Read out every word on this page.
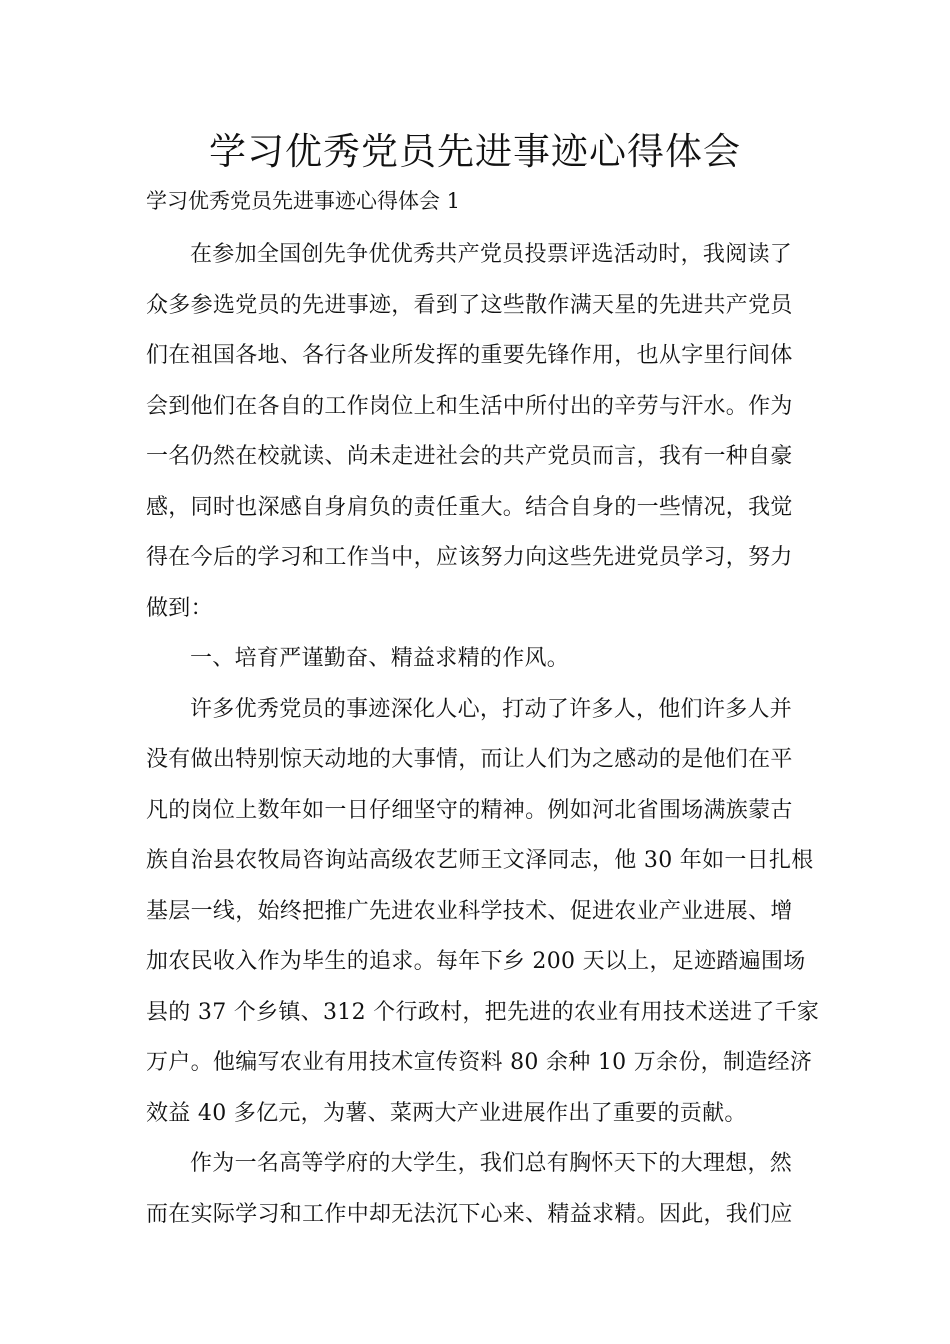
学习优秀党员先进事迹心得体会

学习优秀党员先进事迹心得体会 1

在参加全国创先争优优秀共产党员投票评选活动时，我阅读了
众多参选党员的先进事迹，看到了这些散作满天星的先进共产党员
们在祖国各地、各行各业所发挥的重要先锋作用，也从字里行间体
会到他们在各自的工作岗位上和生活中所付出的辛劳与汗水。作为
一名仍然在校就读、尚未走进社会的共产党员而言，我有一种自豪
感，同时也深感自身肩负的责任重大。结合自身的一些情况，我觉
得在今后的学习和工作当中，应该努力向这些先进党员学习，努力
做到：
一、培育严谨勤奋、精益求精的作风。
许多优秀党员的事迹深化人心，打动了许多人，他们许多人并
没有做出特别惊天动地的大事情，而让人们为之感动的是他们在平
凡的岗位上数年如一日仔细坚守的精神。例如河北省围场满族蒙古
族自治县农牧局咨询站高级农艺师王文泽同志，他 30 年如一日扎根
基层一线，始终把推广先进农业科学技术、促进农业产业进展、增
加农民收入作为毕生的追求。每年下乡 200 天以上，足迹踏遍围场
县的 37 个乡镇、312 个行政村，把先进的农业有用技术送进了千家
万户。他编写农业有用技术宣传资料 80 余种 10 万余份，制造经济
效益 40 多亿元，为薯、菜两大产业进展作出了重要的贡献。
作为一名高等学府的大学生，我们总有胸怀天下的大理想，然
而在实际学习和工作中却无法沉下心来、精益求精。因此，我们应
